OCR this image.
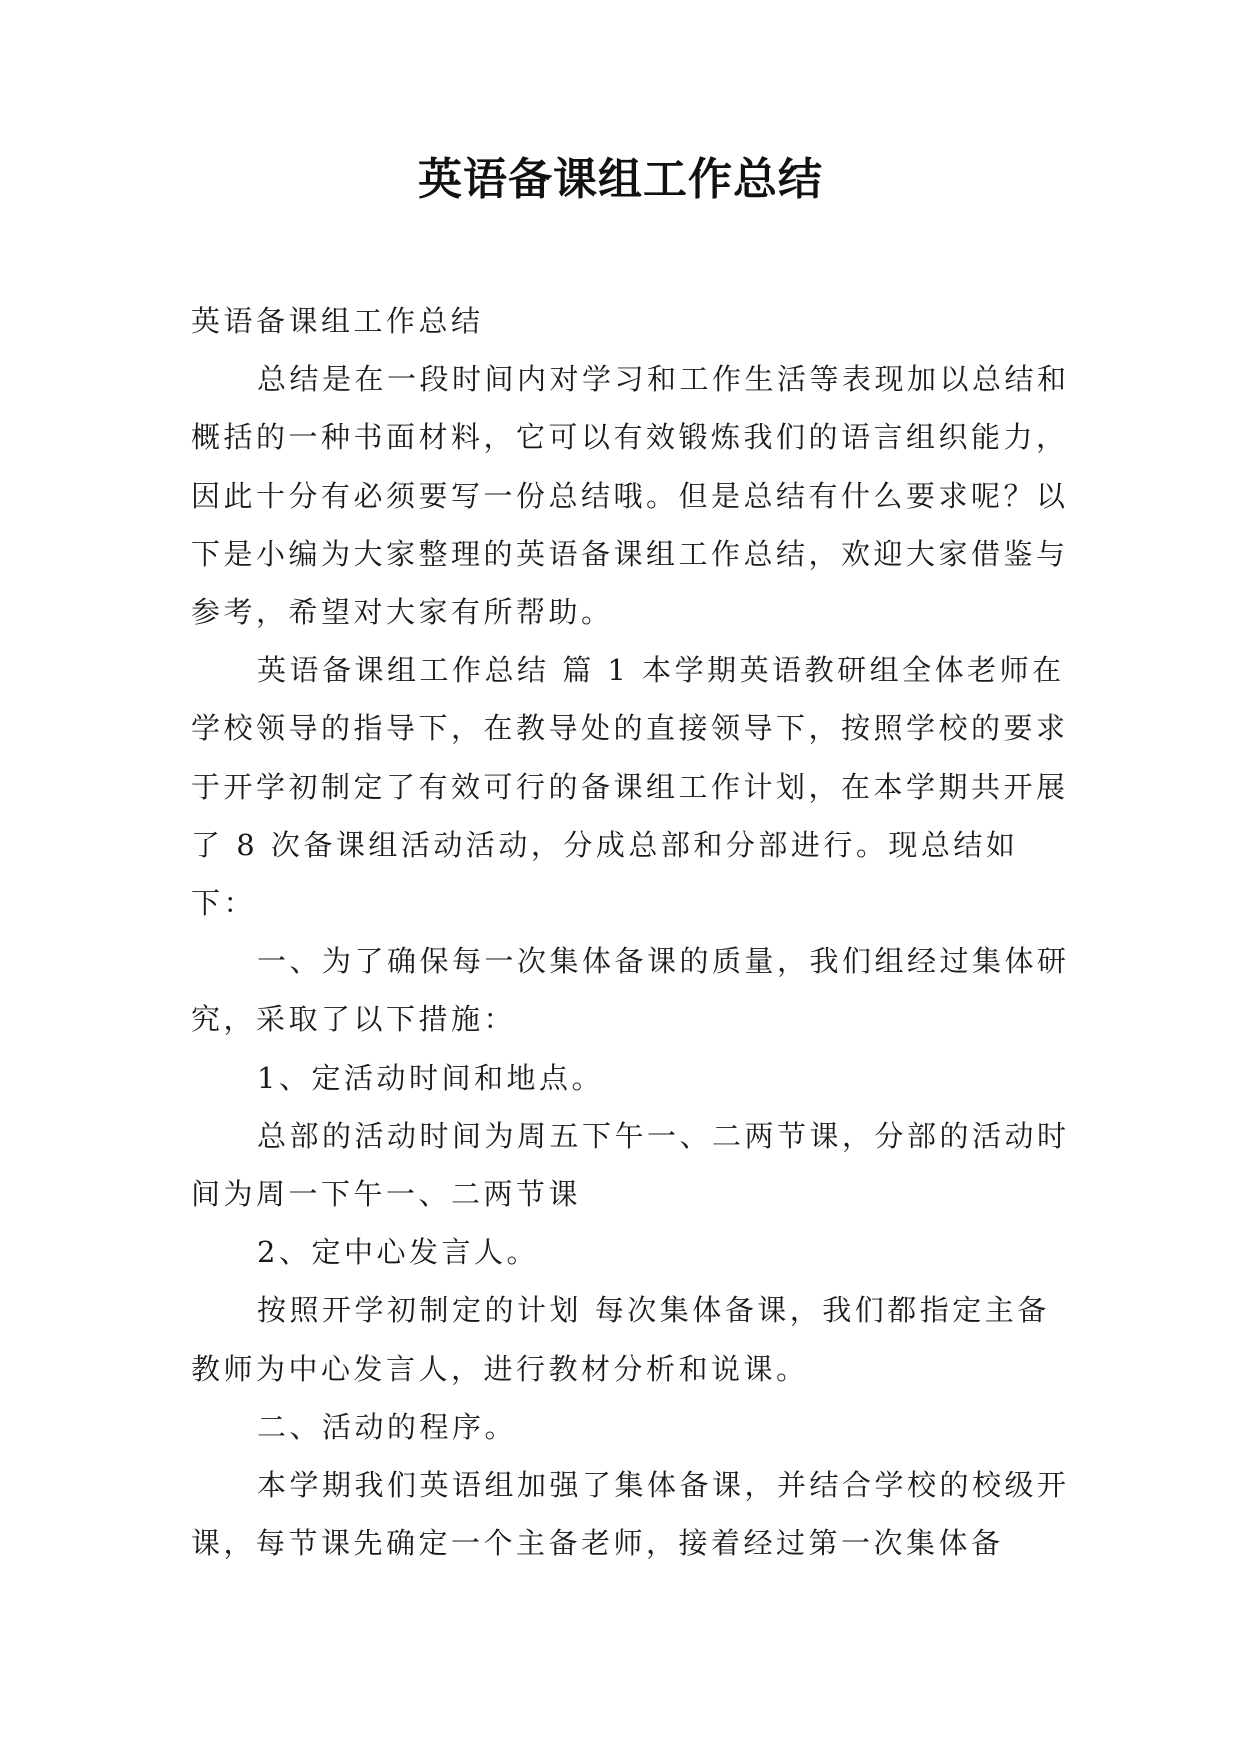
英语备课组工作总结

英语备课组工作总结

总结是在一段时间内对学习和工作生活等表现加以总结和概括的一种书面材料，它可以有效锻炼我们的语言组织能力，因此十分有必须要写一份总结哦。但是总结有什么要求呢？以下是小编为大家整理的英语备课组工作总结，欢迎大家借鉴与参考，希望对大家有所帮助。

英语备课组工作总结 篇 1 本学期英语教研组全体老师在学校领导的指导下，在教导处的直接领导下，按照学校的要求于开学初制定了有效可行的备课组工作计划，在本学期共开展了 8 次备课组活动活动，分成总部和分部进行。现总结如下：

一、为了确保每一次集体备课的质量，我们组经过集体研究，采取了以下措施：

1、定活动时间和地点。

总部的活动时间为周五下午一、二两节课，分部的活动时间为周一下午一、二两节课

2、定中心发言人。

按照开学初制定的计划 每次集体备课，我们都指定主备教师为中心发言人，进行教材分析和说课。

二、活动的程序。

本学期我们英语组加强了集体备课，并结合学校的校级开课，每节课先确定一个主备老师，接着经过第一次集体备
